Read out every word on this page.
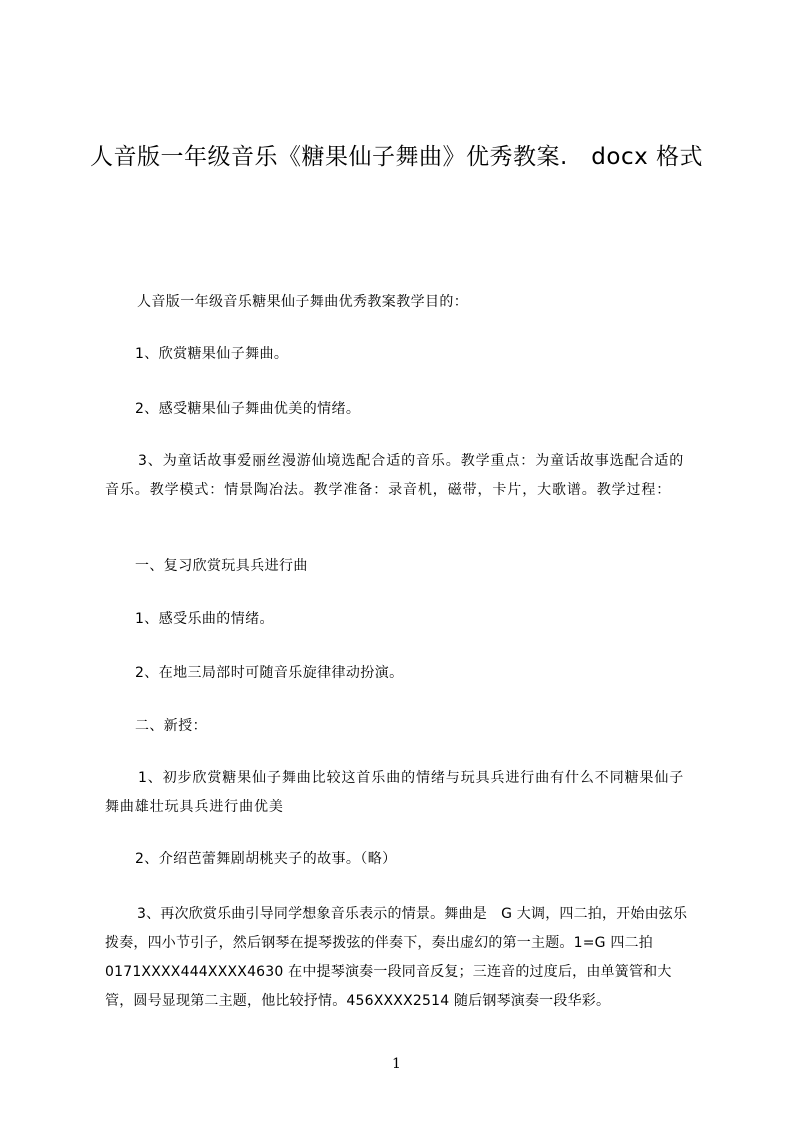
人音版一年级音乐《糖果仙子舞曲》优秀教案.　docx 格式
人音版一年级音乐糖果仙子舞曲优秀教案教学目的：
1、欣赏糖果仙子舞曲。
2、感受糖果仙子舞曲优美的情绪。
3、为童话故事爱丽丝漫游仙境选配合适的音乐。教学重点：为童话故事选配合适的音乐。教学模式：情景陶冶法。教学准备：录音机，磁带，卡片，大歌谱。教学过程：
一、复习欣赏玩具兵进行曲
1、感受乐曲的情绪。
2、在地三局部时可随音乐旋律律动扮演。
二、新授：
1、初步欣赏糖果仙子舞曲比较这首乐曲的情绪与玩具兵进行曲有什么不同糖果仙子舞曲雄壮玩具兵进行曲优美
2、介绍芭蕾舞剧胡桃夹子的故事。（略）
3、再次欣赏乐曲引导同学想象音乐表示的情景。舞曲是　G 大调，四二拍，开始由弦乐拨奏，四小节引子，然后钢琴在提琴拨弦的伴奏下，奏出虚幻的第一主题。1=G 四二拍 0171XXXX444XXXX4630 在中提琴演奏一段同音反复；三连音的过度后，由单簧管和大管，圆号显现第二主题，他比较抒情。456XXXX2514 随后钢琴演奏一段华彩。
1
